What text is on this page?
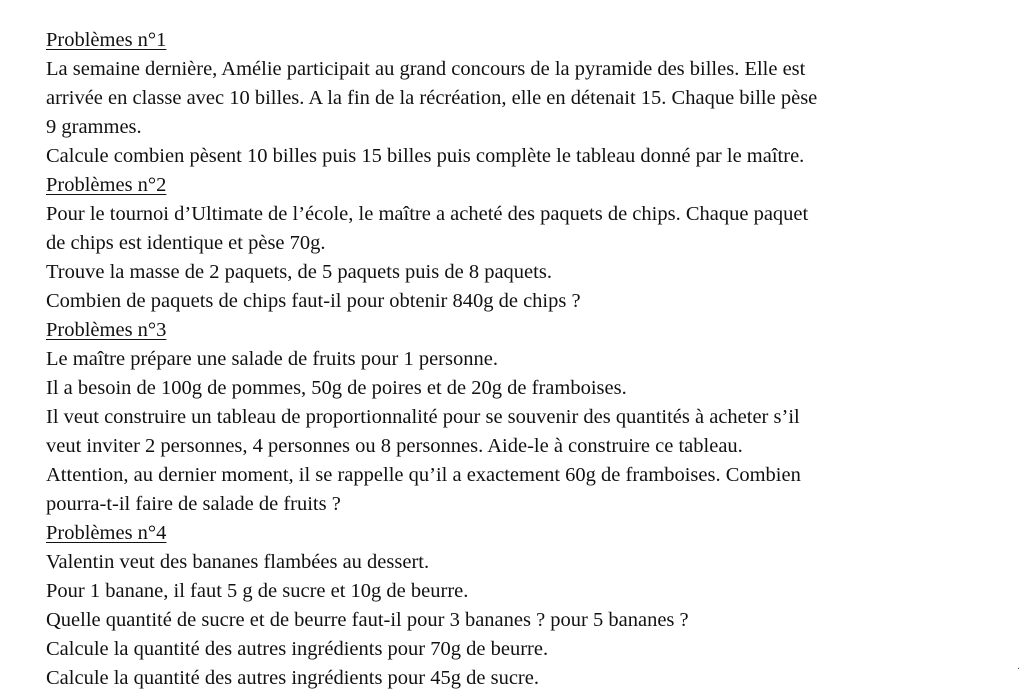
Problèmes n°1

La semaine dernière, Amélie participait au grand concours de la pyramide des billes. Elle est

arrivée en classe avec 10 billes. A la fin de la récréation, elle en détenait 15. Chaque bille pèse

9 grammes.

Calcule combien pèsent 10 billes puis 15 billes puis complète le tableau donné par le maître.

Problèmes n°2

Pour le tournoi d’Ultimate de l’école, le maître a acheté des paquets de chips. Chaque paquet

de chips est identique et pèse 70g.

Trouve la masse de 2 paquets, de 5 paquets puis de 8 paquets.

Combien de paquets de chips faut-il pour obtenir 840g de chips ?

Problèmes n°3

Le maître prépare une salade de fruits pour 1 personne.

Il a besoin de 100g de pommes, 50g de poires et de 20g de framboises.

Il veut construire un tableau de proportionnalité pour se souvenir des quantités à acheter s’il

veut inviter 2 personnes, 4 personnes ou 8 personnes. Aide-le à construire ce tableau.

Attention, au dernier moment, il se rappelle qu’il a exactement 60g de framboises. Combien

pourra-t-il faire de salade de fruits ?

Problèmes n°4

Valentin veut des bananes flambées au dessert.

Pour 1 banane, il faut 5 g de sucre et 10g de beurre.

Quelle quantité de sucre et de beurre faut-il pour 3 bananes ? pour 5 bananes ?

Calcule la quantité des autres ingrédients pour 70g de beurre.

Calcule la quantité des autres ingrédients pour 45g de sucre.	·
